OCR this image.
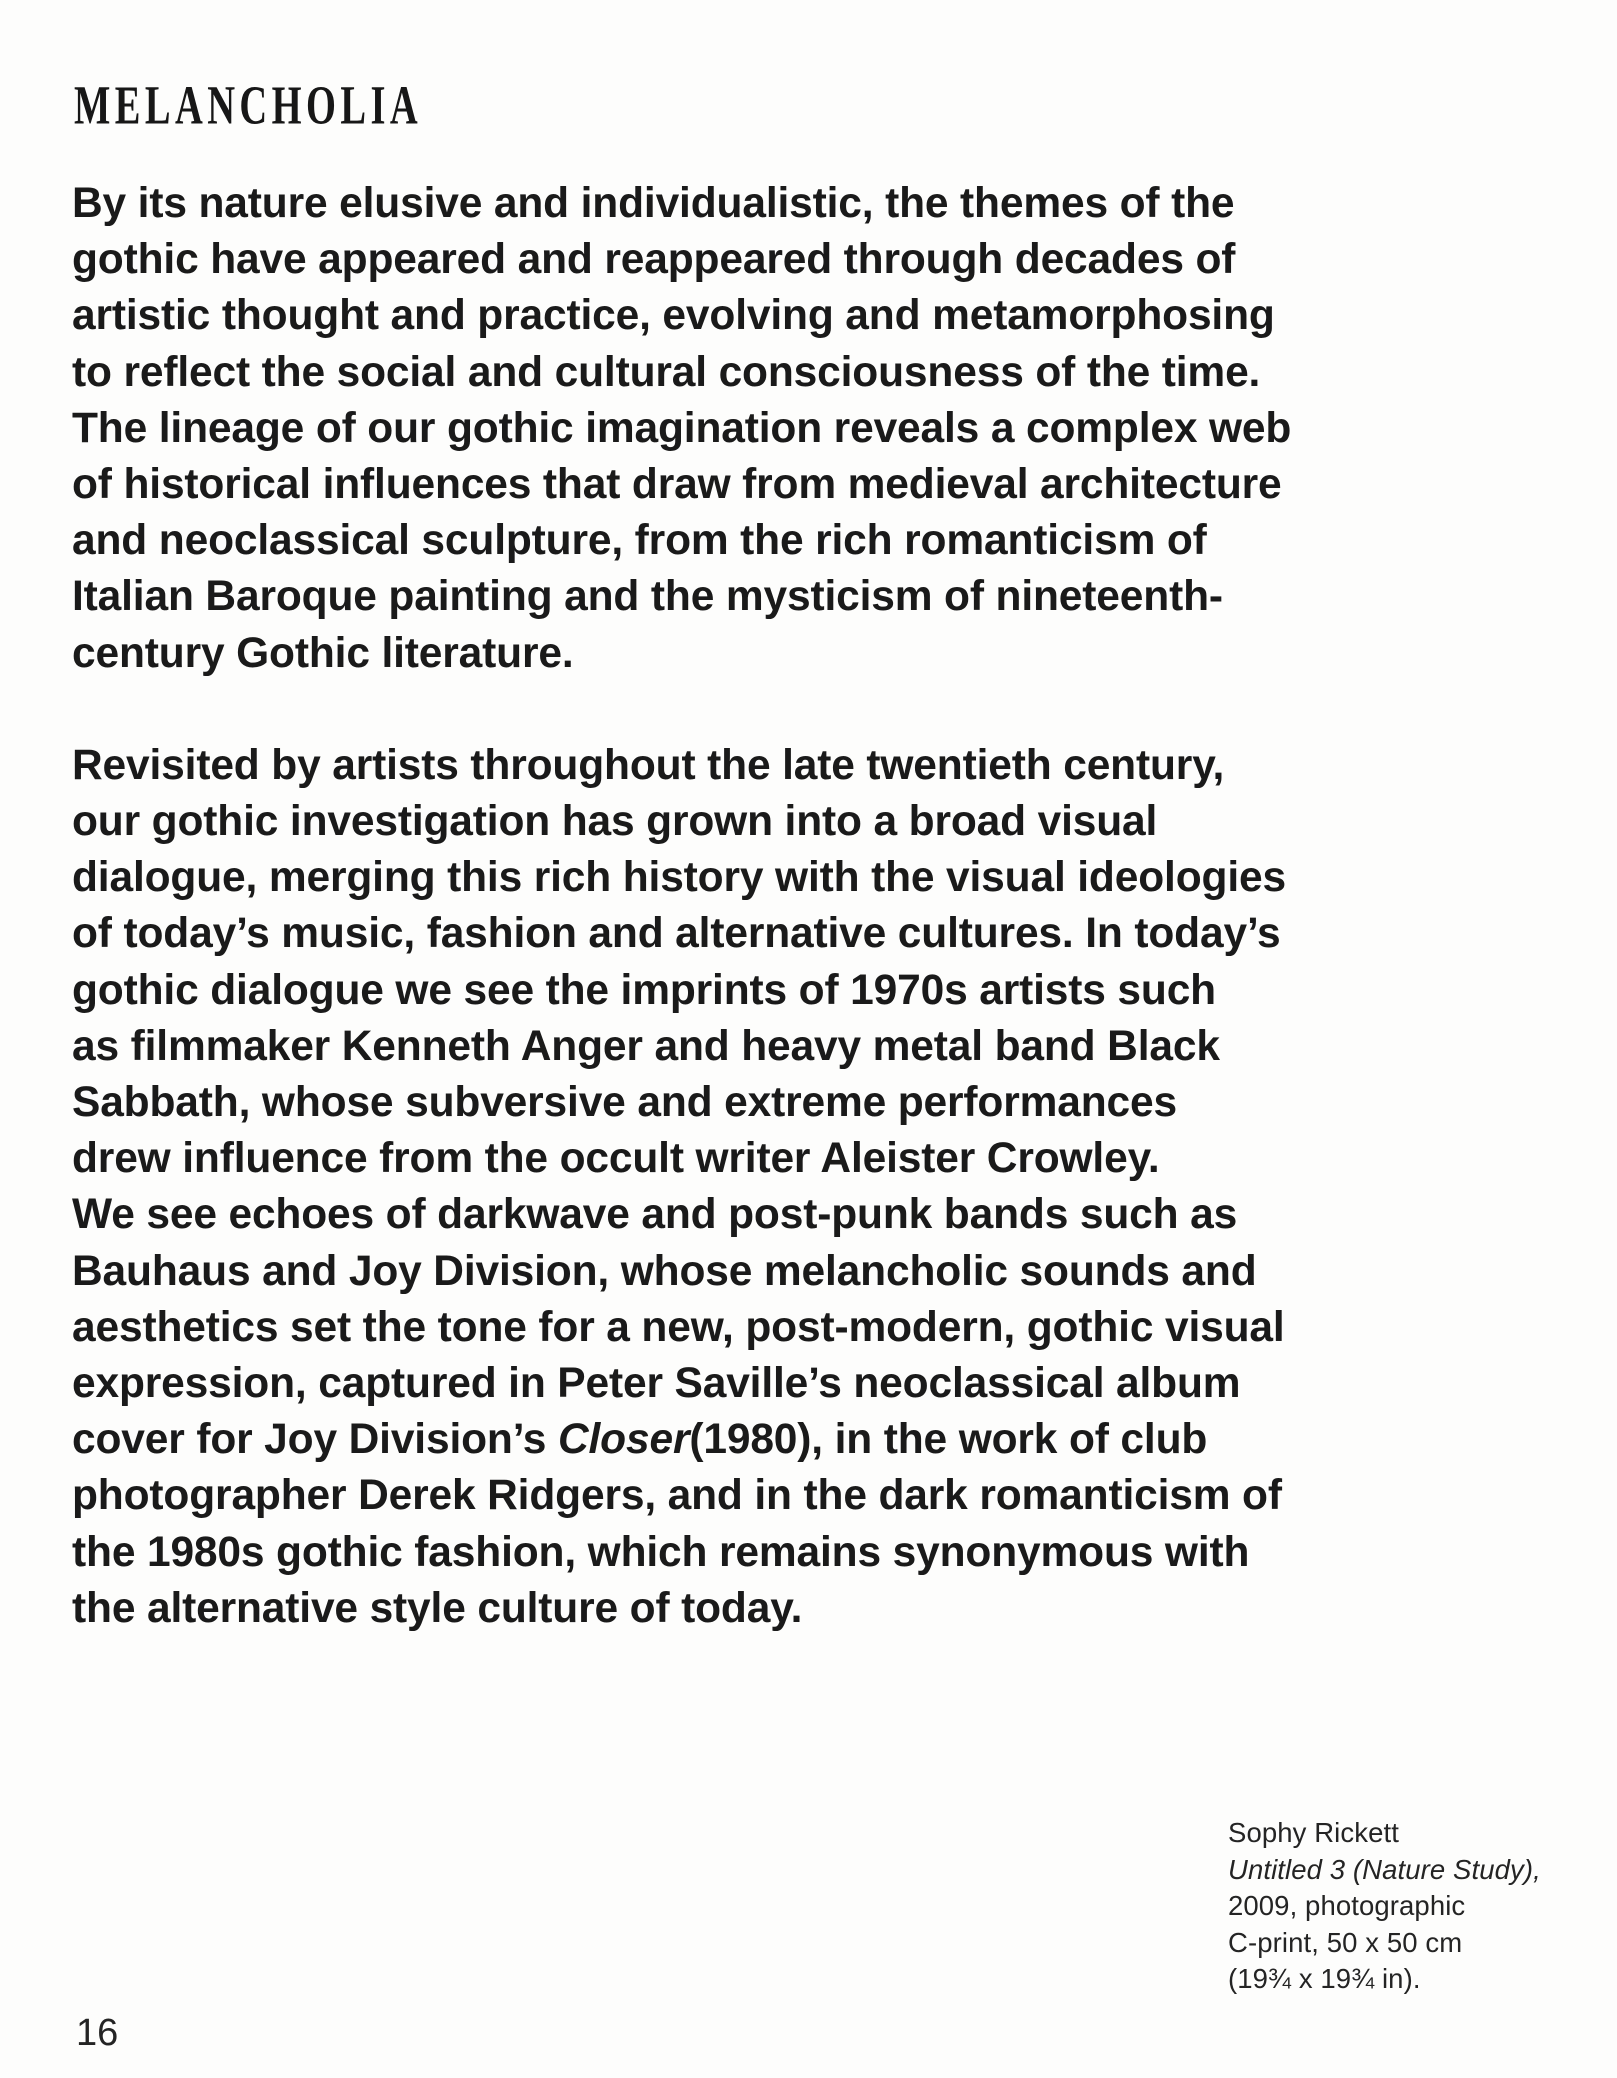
MELANCHOLIA

By its nature elusive and individualistic, the themes of the
gothic have appeared and reappeared through decades of
artistic thought and practice, evolving and metamorphosing
to reflect the social and cultural consciousness of the time.
The lineage of our gothic imagination reveals a complex web
of historical influences that draw from medieval architecture
and neoclassical sculpture, from the rich romanticism of
Italian Baroque painting and the mysticism of nineteenth-
century Gothic literature.

Revisited by artists throughout the late twentieth century,
our gothic investigation has grown into a broad visual
dialogue, merging this rich history with the visual ideologies
of today’s music, fashion and alternative cultures. In today’s
gothic dialogue we see the imprints of 1970s artists such
as filmmaker Kenneth Anger and heavy metal band Black
Sabbath, whose subversive and extreme performances
drew influence from the occult writer Aleister Crowley.
We see echoes of darkwave and post-punk bands such as
Bauhaus and Joy Division, whose melancholic sounds and
aesthetics set the tone for a new, post-modern, gothic visual
expression, captured in Peter Saville’s neoclassical album
cover for Joy Division’s Closer(1980), in the work of club
photographer Derek Ridgers, and in the dark romanticism of
the 1980s gothic fashion, which remains synonymous with
the alternative style culture of today.

Sophy Rickett
Untitled 3 (Nature Study),
2009, photographic
C-print, 50 x 50 cm
(19¾ x 19¾ in).
16
